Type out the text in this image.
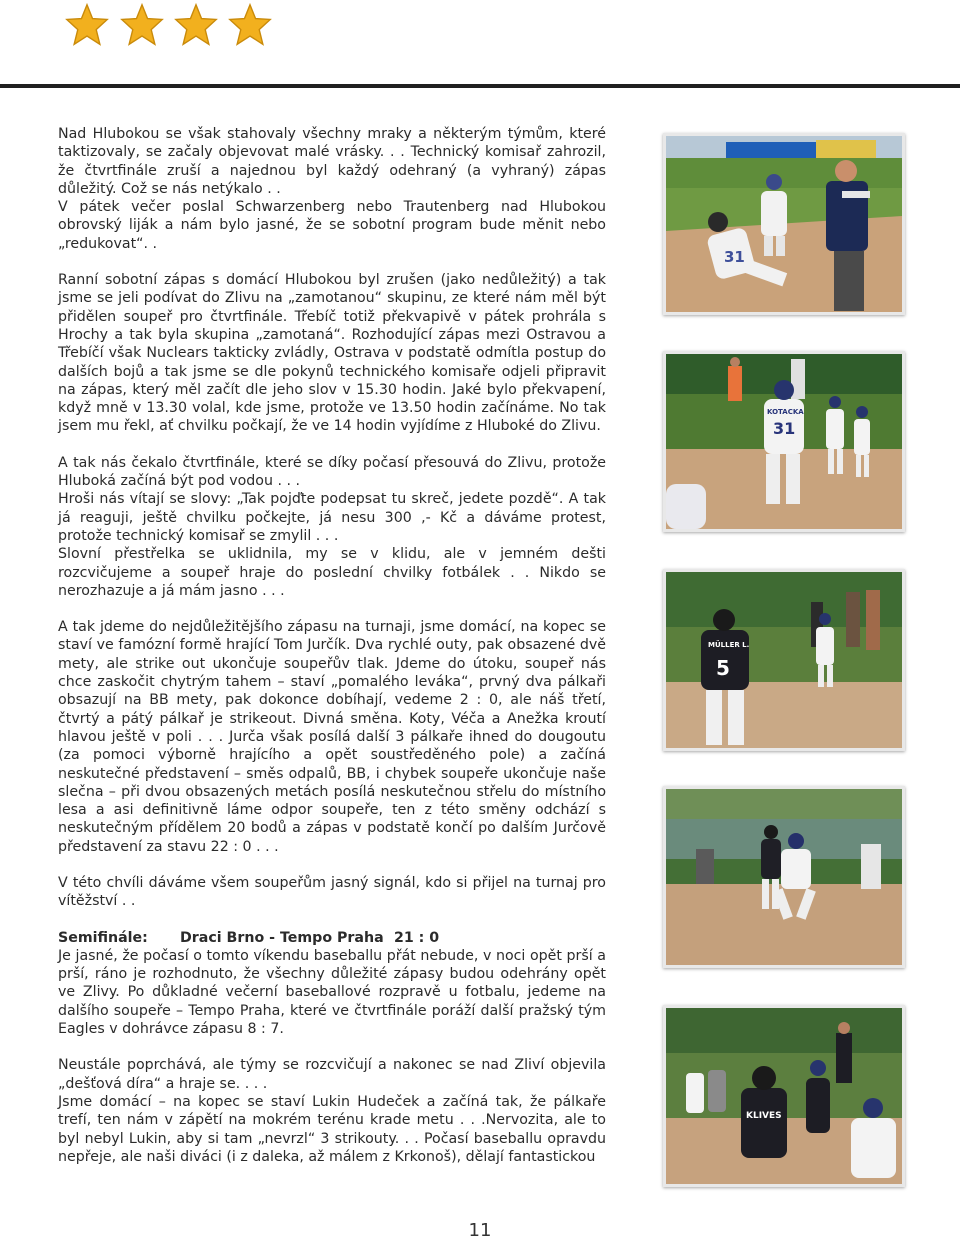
Nad Hlubokou se však stahovaly všechny mraky a některým týmům, které taktizovaly, se začaly objevovat malé vrásky. . . Technický komisař zahrozil, že čtvrtfinále zruší a najednou byl každý odehraný (a vyhraný) zápas důležitý. Což se nás netýkalo . .

V pátek večer poslal Schwarzenberg nebo Trautenberg nad Hlubokou obrovský liják a nám bylo jasné, že se sobotní program bude měnit nebo „redukovat“. .

Ranní sobotní zápas s domácí Hlubokou byl zrušen (jako nedůležitý) a tak jsme se jeli podívat do Zlivu na „zamotanou“ skupinu, ze které nám měl být přidělen soupeř pro čtvrtfinále. Třebíč totiž překvapivě v pátek prohrála s Hrochy a tak byla skupina „zamotaná“. Rozhodující zápas mezi Ostravou a Třebíčí však Nuclears takticky zvládly, Ostrava v podstatě odmítla postup do dalších bojů a tak jsme se dle pokynů technického komisaře odjeli připravit na zápas, který měl začít dle jeho slov v 15.30 hodin. Jaké bylo překvapení, když mně v 13.30 volal, kde jsme, protože ve 13.50 hodin začínáme. No tak jsem mu řekl, ať chvilku počkají, že ve 14 hodin vyjídíme z Hluboké do Zlivu.

A tak nás čekalo čtvrtfinále, které se díky počasí přesouvá do Zlivu, protože Hluboká začíná být pod vodou . . .

Hroši nás vítají se slovy: „Tak pojďte podepsat tu skreč, jedete pozdě“. A tak já reaguji, ještě chvilku počkejte, já nesu 300 ,- Kč a dáváme protest, protože technický komisař se zmylil . . .

Slovní přestřelka se uklidnila, my se v klidu, ale v jemném dešti rozcvičujeme a soupeř hraje do poslední chvilky fotbálek . . Nikdo se nerozhazuje a já mám jasno . . .

A tak jdeme do nejdůležitějšího zápasu na turnaji, jsme domácí, na kopec se staví ve famózní formě hrající Tom Jurčík. Dva rychlé outy, pak obsazené dvě mety, ale strike out ukončuje soupeřův tlak. Jdeme do útoku, soupeř nás chce zaskočit chytrým tahem – staví „pomalého leváka“, prvný dva pálkaři obsazují na BB mety, pak dokonce dobíhají, vedeme 2 : 0, ale náš třetí, čtvrtý a pátý pálkař je strikeout. Divná směna. Koty, Véča a Anežka kroutí hlavou ještě v poli . . . Jurča však posílá další 3 pálkaře ihned do dougoutu (za pomoci výborně hrajícího a opět soustředěného pole) a začíná neskutečné představení – směs odpalů, BB, i chybek soupeře ukončuje naše slečna – při dvou obsazených metách posílá neskutečnou střelu do místního lesa a asi definitivně láme odpor soupeře, ten z této směny odchází s neskutečným přídělem 20 bodů a zápas v podstatě končí po dalším Jurčově představení za stavu 22 : 0 . . .

V této chvíli dáváme všem soupeřům jasný signál, kdo si přijel na turnaj pro vítěžství . .

Semifinále: Draci Brno - Tempo Praha 21 : 0

Je jasné, že počasí o tomto víkendu baseballu přát nebude, v noci opět prší a prší, ráno je rozhodnuto, že všechny důležité zápasy budou odehrány opět ve Zlivy. Po důkladné večerní baseballové rozpravě u fotbalu, jedeme na dalšího soupeře – Tempo Praha, které ve čtvrtfinále poráží další pražský tým Eagles v dohrávce zápasu 8 : 7.

Neustále poprchává, ale týmy se rozcvičují a nakonec se nad Zliví objevila „dešťová díra“ a hraje se. . . .

Jsme domácí – na kopec se staví Lukin Hudeček a začíná tak, že pálkaře trefí, ten nám v zápětí na mokrém terénu krade metu . . .Nervozita, ale to byl nebyl Lukin, aby si tam „nevrzl“ 3 strikouty. . . Počasí baseballu opravdu nepřeje, ale naši diváci (i z daleka, až málem z Krkonoš), dělají fantastickou

31
31
KOTACKA
5
MÜLLER L.
KLIVES
11
